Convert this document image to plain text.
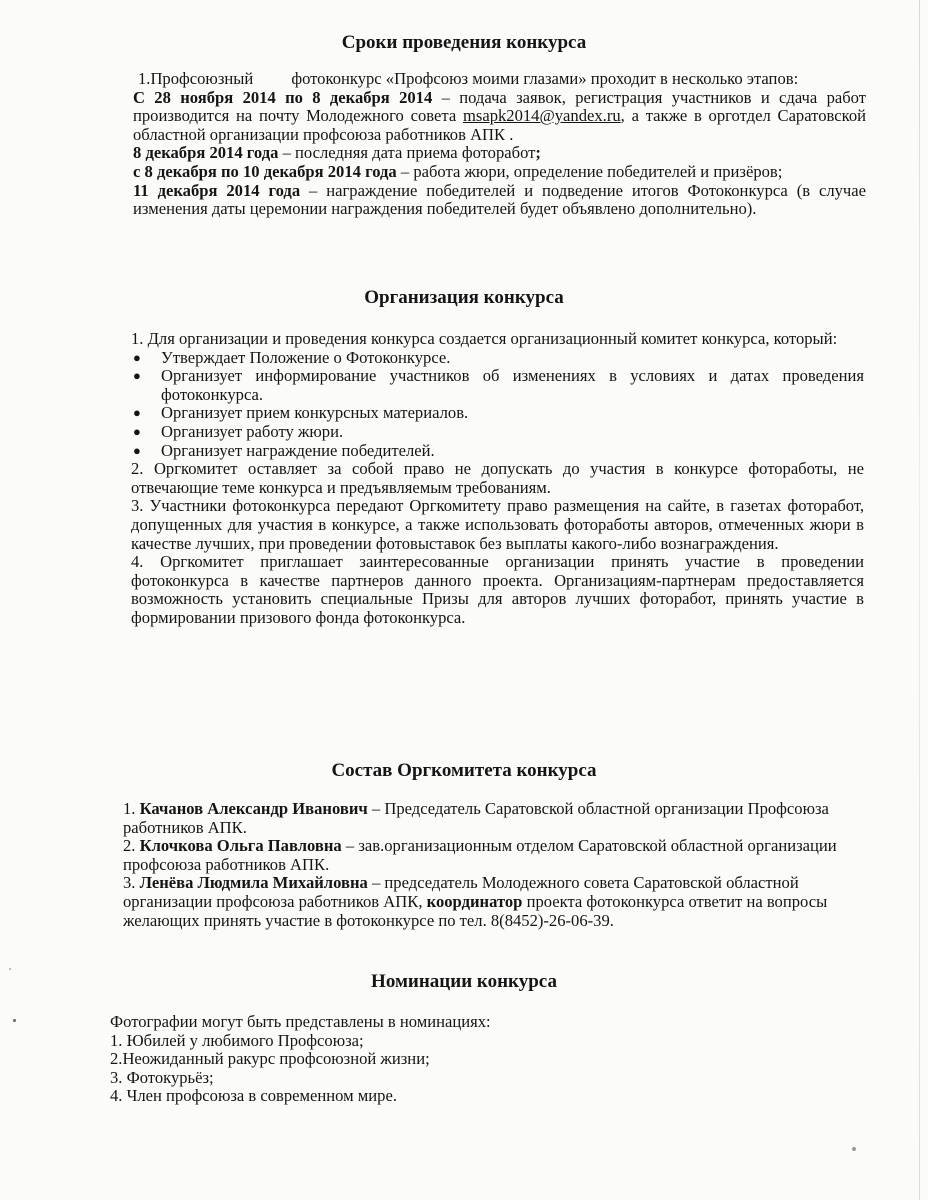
Сроки проведения конкурса

1.Профсоюзный фотоконкурс «Профсоюз моими глазами» проходит в несколько этапов:

С 28 ноября 2014 по 8 декабря 2014 – подача заявок, регистрация участников и сдача работ производится на почту Молодежного совета msapk2014@yandex.ru, а также в орготдел Саратовской областной организации профсоюза работников АПК .

8 декабря 2014 года – последняя дата приема фоторабот;

с 8 декабря по 10 декабря 2014 года – работа жюри, определение победителей и призёров;

11 декабря 2014 года – награждение победителей и подведение итогов Фотоконкурса (в случае изменения даты церемонии награждения победителей будет объявлено дополнительно).

Организация конкурса

1. Для организации и проведения конкурса создается организационный комитет конкурса, который:

●	Утверждает Положение о Фотоконкурсе.
●	Организует информирование участников об изменениях в условиях и датах проведения фотоконкурса.
●	Организует прием конкурсных материалов.
●	Организует работу жюри.
●	Организует награждение победителей.

2. Оргкомитет оставляет за собой право не допускать до участия в конкурсе фотоработы, не отвечающие теме конкурса и предъявляемым требованиям.

3. Участники фотоконкурса передают Оргкомитету право размещения на сайте, в газетах фоторабот, допущенных для участия в конкурсе, а также использовать фотоработы авторов, отмеченных жюри в качестве лучших, при проведении фотовыставок без выплаты какого-либо вознаграждения.

4. Оргкомитет приглашает заинтересованные организации принять участие в проведении фотоконкурса в качестве партнеров данного проекта. Организациям-партнерам предоставляется возможность установить специальные Призы для авторов лучших фоторабот, принять участие в формировании призового фонда фотоконкурса.

Состав Оргкомитета конкурса

1. Качанов Александр Иванович – Председатель Саратовской областной организации Профсоюза работников АПК.

2. Клочкова Ольга Павловна – зав.организационным отделом Саратовской областной организации профсоюза работников АПК.

3. Ленёва Людмила Михайловна – председатель Молодежного совета Саратовской областной организации профсоюза работников АПК, координатор проекта фотоконкурса ответит на вопросы желающих принять участие в фотоконкурсе по тел. 8(8452)-26-06-39.

Номинации конкурса

Фотографии могут быть представлены в номинациях:

1. Юбилей у любимого Профсоюза;

2.Неожиданный ракурс профсоюзной жизни;

3. Фотокурьёз;

4. Член профсоюза в современном мире.
